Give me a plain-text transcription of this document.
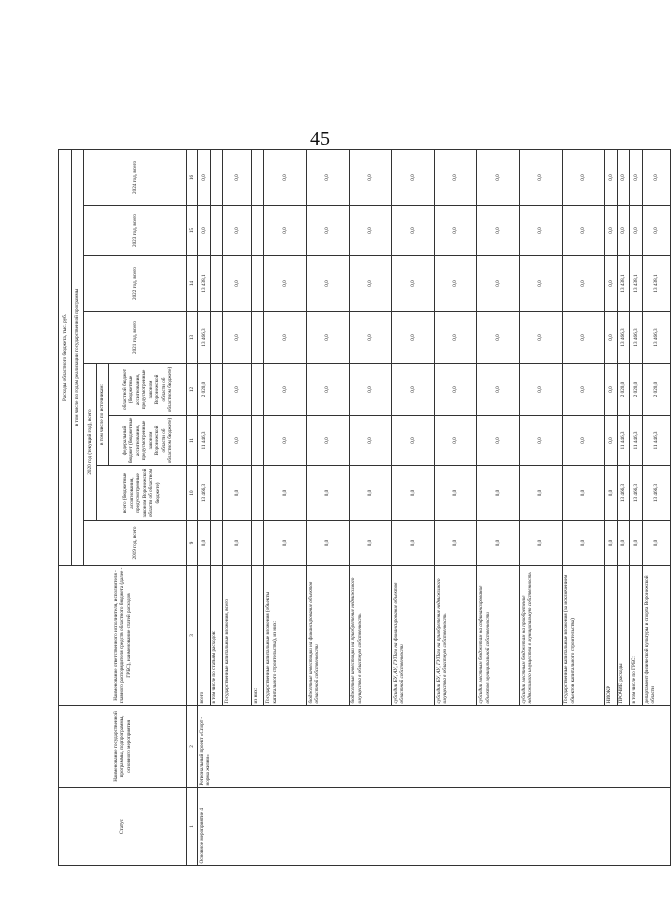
45
Статус	Наименование государственной программы, подпрограммы, основного мероприятия	Наименование ответственного исполнителя, исполнителя - главного распорядителя средств областного бюджета (далее - ГРБС), наименование статей расходов	Расходы областного бюджета, тыс. руб.							
			в том числе по годам реализации государственной программы							
			2019 год, всего	2020 год (текущий год), всего			2021 год, всего	2022 год, всего	2023 год, всего	2024 год, всего
				всего (бюджетные ассигнования, предусмотренные законом Воронежской области об областном бюджете)	в том числе по источникам:					
					федеральный бюджет (бюджетные ассигнования, предусмотренные законом Воронежской области об областном бюджете)	областной бюджет (бюджетные ассигнования, предусмотренные законом Воронежской области об областном бюджете)				
1	2	3	9	10	11	12	13	14	15	16
Основное мероприятие 4	Региональный проект «Спорт - норма жизни»	всего	0,0	13 466,3	11 446,3	2 020,0	13 466,3	13 438,1	0,0	0,0
		в том числе по статьям расходов:								
		Государственные капитальные вложения, всего	0,0	0,0	0,0	0,0	0,0	0,0	0,0	0,0
		из них:								
		Государственные капитальные вложения (объекты капитального строительства), из них:	0,0	0,0	0,0	0,0	0,0	0,0	0,0	0,0
		бюджетные инвестиции на финансирование объектов областной собственности	0,0	0,0	0,0	0,0	0,0	0,0	0,0	0,0
		бюджетные инвестиции на приобретение недвижимого имущества в областную собственность	0,0	0,0	0,0	0,0	0,0	0,0	0,0	0,0
		субсидии БУ, АУ, ГУПам на финансирование объектов областной собственности	0,0	0,0	0,0	0,0	0,0	0,0	0,0	0,0
		субсидии БУ, АУ, ГУПам на приобретение недвижимого имущества в областную собственность	0,0	0,0	0,0	0,0	0,0	0,0	0,0	0,0
		субсидии местным бюджетам на софинансирование объектов муниципальной собственности	0,0	0,0	0,0	0,0	0,0	0,0	0,0	0,0
		субсидии местным бюджетам на приобретение недвижимого имущества в муниципальную собственность	0,0	0,0	0,0	0,0	0,0	0,0	0,0	0,0
		Государственные капитальные вложения (за исключением объектов капитального строительства)	0,0	0,0	0,0	0,0	0,0	0,0	0,0	0,0
		НИОКР	0,0	0,0	0,0	0,0	0,0	0,0	0,0	0,0
		ПРОЧИЕ расходы	0,0	13 466,3	11 446,3	2 020,0	13 466,3	13 438,1	0,0	0,0
		в том числе по ГРБС:	0,0	13 466,3	11 446,3	2 020,0	13 466,3	13 438,1	0,0	0,0
		департамент физической культуры и спорта Воронежской области	0,0	13 466,3	11 446,3	2 020,0	13 466,3	13 438,1	0,0	0,0
